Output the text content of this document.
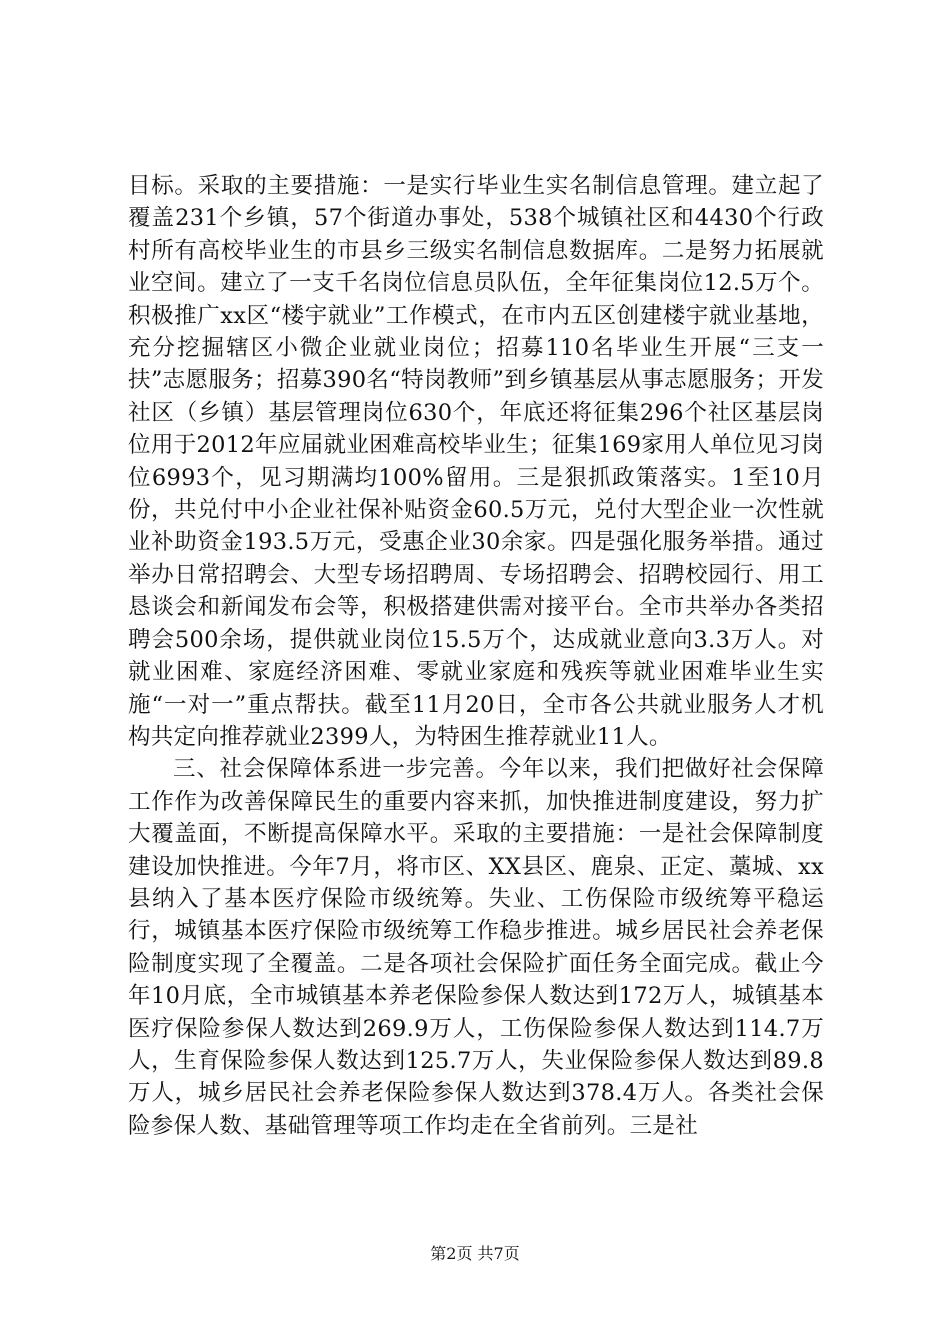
目标。采取的主要措施：一是实行毕业生实名制信息管理。建立起了覆盖231个乡镇，57个街道办事处，538个城镇社区和4430个行政村所有高校毕业生的市县乡三级实名制信息数据库。二是努力拓展就业空间。建立了一支千名岗位信息员队伍，全年征集岗位12.5万个。积极推广xx区“楼宇就业”工作模式，在市内五区创建楼宇就业基地，充分挖掘辖区小微企业就业岗位；招募110名毕业生开展“三支一扶”志愿服务；招募390名“特岗教师”到乡镇基层从事志愿服务；开发社区（乡镇）基层管理岗位630个，年底还将征集296个社区基层岗位用于2012年应届就业困难高校毕业生；征集169家用人单位见习岗位6993个，见习期满均100%留用。三是狠抓政策落实。1至10月份，共兑付中小企业社保补贴资金60.5万元，兑付大型企业一次性就业补助资金193.5万元，受惠企业30余家。四是强化服务举措。通过举办日常招聘会、大型专场招聘周、专场招聘会、招聘校园行、用工恳谈会和新闻发布会等，积极搭建供需对接平台。全市共举办各类招聘会500余场，提供就业岗位15.5万个，达成就业意向3.3万人。对就业困难、家庭经济困难、零就业家庭和残疾等就业困难毕业生实施“一对一”重点帮扶。截至11月20日，全市各公共就业服务人才机构共定向推荐就业2399人，为特困生推荐就业11人。

三、社会保障体系进一步完善。今年以来，我们把做好社会保障工作作为改善保障民生的重要内容来抓，加快推进制度建设，努力扩大覆盖面，不断提高保障水平。采取的主要措施：一是社会保障制度建设加快推进。今年7月，将市区、XX县区、鹿泉、正定、藁城、xx县纳入了基本医疗保险市级统筹。失业、工伤保险市级统筹平稳运行，城镇基本医疗保险市级统筹工作稳步推进。城乡居民社会养老保险制度实现了全覆盖。二是各项社会保险扩面任务全面完成。截止今年10月底，全市城镇基本养老保险参保人数达到172万人，城镇基本医疗保险参保人数达到269.9万人，工伤保险参保人数达到114.7万人，生育保险参保人数达到125.7万人，失业保险参保人数达到89.8万人，城乡居民社会养老保险参保人数达到378.4万人。各类社会保险参保人数、基础管理等项工作均走在全省前列。三是社

第2页 共7页
